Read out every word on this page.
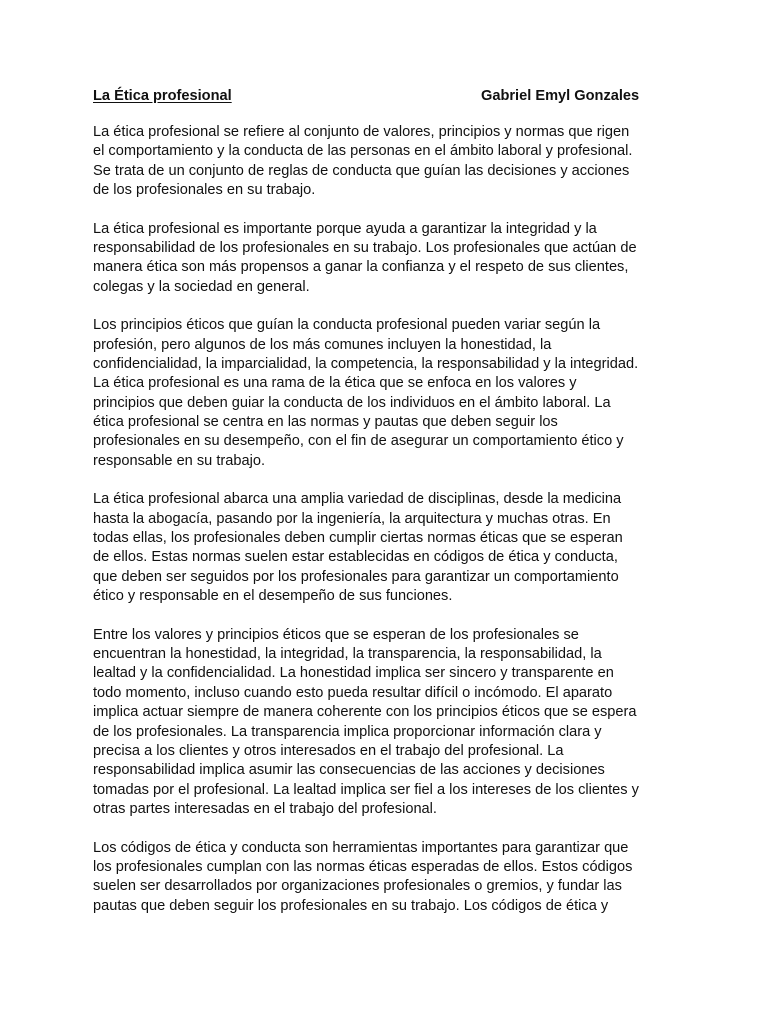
La Ética profesional	Gabriel Emyl Gonzales

La ética profesional se refiere al conjunto de valores, principios y normas que rigen
el comportamiento y la conducta de las personas en el ámbito laboral y profesional.
Se trata de un conjunto de reglas de conducta que guían las decisiones y acciones
de los profesionales en su trabajo.

La ética profesional es importante porque ayuda a garantizar la integridad y la
responsabilidad de los profesionales en su trabajo. Los profesionales que actúan de
manera ética son más propensos a ganar la confianza y el respeto de sus clientes,
colegas y la sociedad en general.

Los principios éticos que guían la conducta profesional pueden variar según la
profesión, pero algunos de los más comunes incluyen la honestidad, la
confidencialidad, la imparcialidad, la competencia, la responsabilidad y la integridad.
La ética profesional es una rama de la ética que se enfoca en los valores y
principios que deben guiar la conducta de los individuos en el ámbito laboral. La
ética profesional se centra en las normas y pautas que deben seguir los
profesionales en su desempeño, con el fin de asegurar un comportamiento ético y
responsable en su trabajo.

La ética profesional abarca una amplia variedad de disciplinas, desde la medicina
hasta la abogacía, pasando por la ingeniería, la arquitectura y muchas otras. En
todas ellas, los profesionales deben cumplir ciertas normas éticas que se esperan
de ellos. Estas normas suelen estar establecidas en códigos de ética y conducta,
que deben ser seguidos por los profesionales para garantizar un comportamiento
ético y responsable en el desempeño de sus funciones.

Entre los valores y principios éticos que se esperan de los profesionales se
encuentran la honestidad, la integridad, la transparencia, la responsabilidad, la
lealtad y la confidencialidad. La honestidad implica ser sincero y transparente en
todo momento, incluso cuando esto pueda resultar difícil o incómodo. El aparato
implica actuar siempre de manera coherente con los principios éticos que se espera
de los profesionales. La transparencia implica proporcionar información clara y
precisa a los clientes y otros interesados en el trabajo del profesional. La
responsabilidad implica asumir las consecuencias de las acciones y decisiones
tomadas por el profesional. La lealtad implica ser fiel a los intereses de los clientes y
otras partes interesadas en el trabajo del profesional.

Los códigos de ética y conducta son herramientas importantes para garantizar que
los profesionales cumplan con las normas éticas esperadas de ellos. Estos códigos
suelen ser desarrollados por organizaciones profesionales o gremios, y fundar las
pautas que deben seguir los profesionales en su trabajo. Los códigos de ética y
